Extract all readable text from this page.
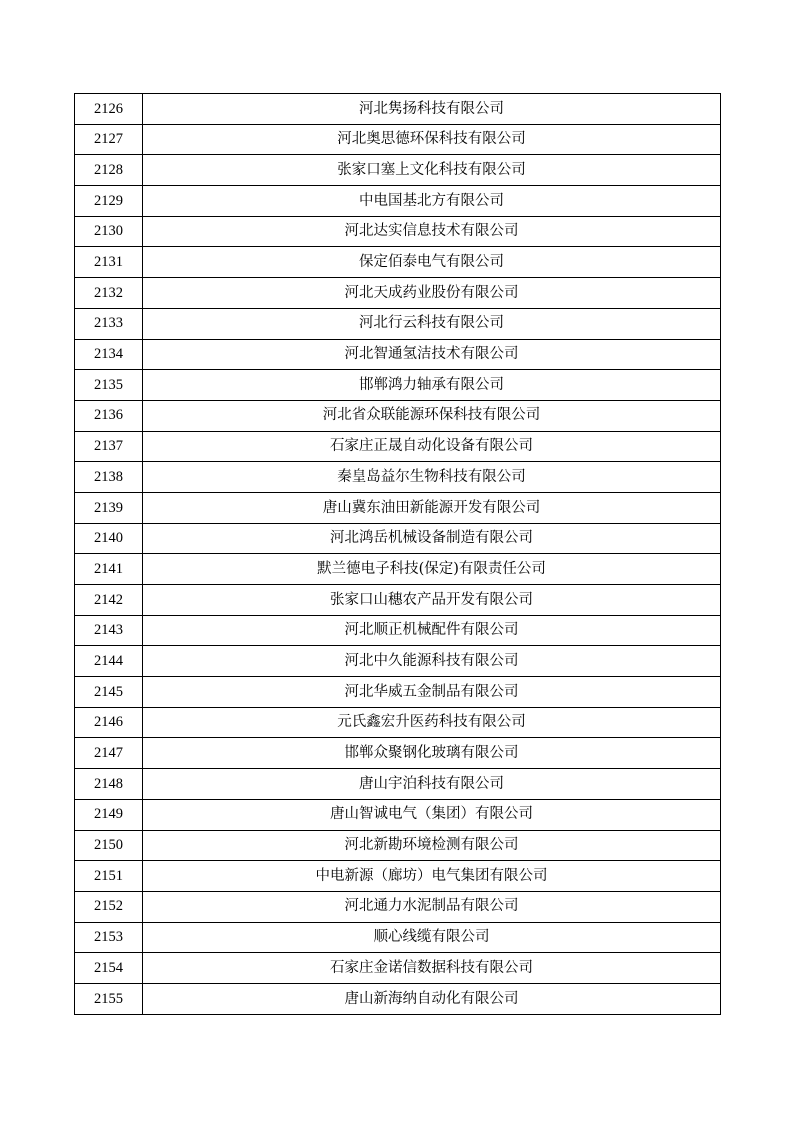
2126	河北隽扬科技有限公司
2127	河北奥思德环保科技有限公司
2128	张家口塞上文化科技有限公司
2129	中电国基北方有限公司
2130	河北达实信息技术有限公司
2131	保定佰泰电气有限公司
2132	河北天成药业股份有限公司
2133	河北行云科技有限公司
2134	河北智通氢洁技术有限公司
2135	邯郸鸿力轴承有限公司
2136	河北省众联能源环保科技有限公司
2137	石家庄正晟自动化设备有限公司
2138	秦皇岛益尔生物科技有限公司
2139	唐山冀东油田新能源开发有限公司
2140	河北鸿岳机械设备制造有限公司
2141	默兰德电子科技(保定)有限责任公司
2142	张家口山穗农产品开发有限公司
2143	河北顺正机械配件有限公司
2144	河北中久能源科技有限公司
2145	河北华威五金制品有限公司
2146	元氏鑫宏升医药科技有限公司
2147	邯郸众聚钢化玻璃有限公司
2148	唐山宇泊科技有限公司
2149	唐山智诚电气（集团）有限公司
2150	河北新勘环境检测有限公司
2151	中电新源（廊坊）电气集团有限公司
2152	河北通力水泥制品有限公司
2153	顺心线缆有限公司
2154	石家庄金诺信数据科技有限公司
2155	唐山新海纳自动化有限公司
